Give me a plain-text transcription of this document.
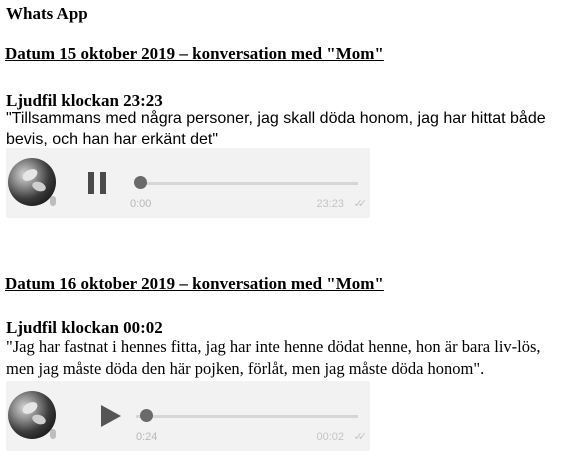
Whats App
Datum 15 oktober 2019 – konversation med "Mom"
Ljudfil klockan 23:23
"Tillsammans med några personer, jag skall döda honom, jag har hittat både bevis, och han har erkänt det"
0:00	23:23 ✓✓
Datum 16 oktober 2019 – konversation med "Mom"
Ljudfil klockan 00:02
"Jag har fastnat i hennes fitta, jag har inte henne dödat henne, hon är bara liv-lös, men jag måste döda den här pojken, förlåt, men jag måste döda honom".
0:24	00:02 ✓✓
